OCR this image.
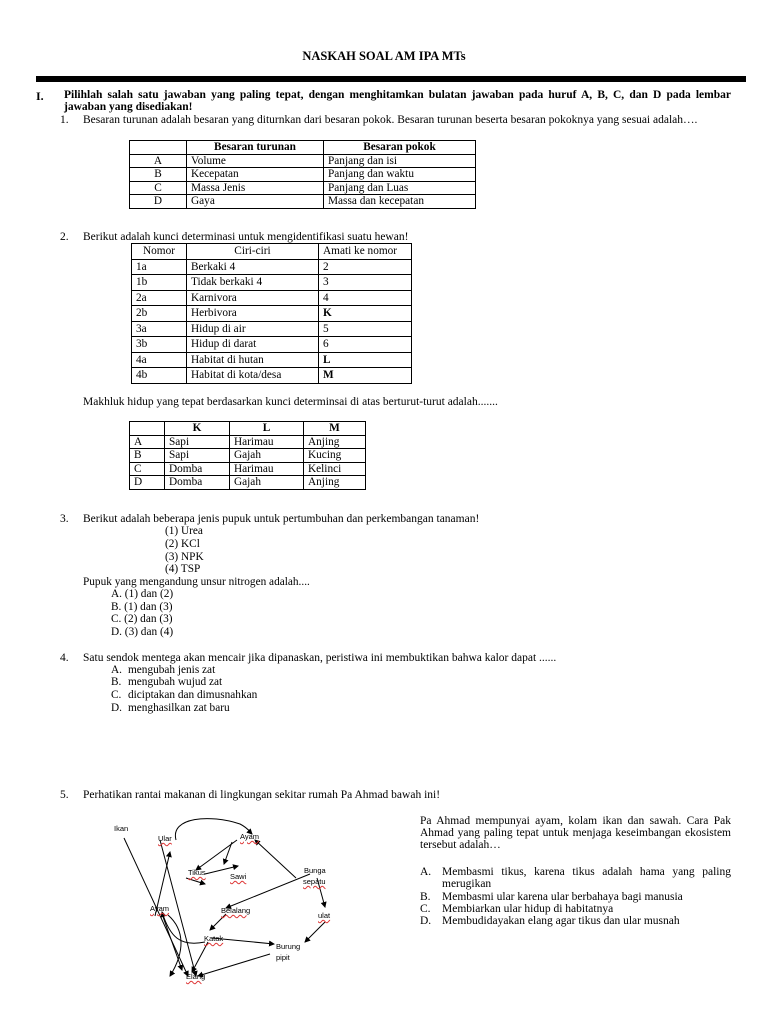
NASKAH SOAL AM IPA MTs
I. Pilihlah salah satu jawaban yang paling tepat, dengan menghitamkan bulatan jawaban pada huruf A, B, C, dan D pada lembar jawaban yang disediakan!
1. Besaran turunan adalah besaran yang diturnkan dari besaran pokok. Besaran turunan beserta besaran pokoknya yang sesuai adalah….
	Besaran turunan	Besaran pokok
A	Volume	Panjang dan isi
B	Kecepatan	Panjang dan waktu
C	Massa Jenis	Panjang dan Luas
D	Gaya	Massa dan kecepatan
2. Berikut adalah kunci determinasi untuk mengidentifikasi suatu hewan!
Nomor	Ciri-ciri	Amati ke nomor
1a	Berkaki 4	2
1b	Tidak berkaki 4	3
2a	Karnivora	4
2b	Herbivora	K
3a	Hidup di air	5
3b	Hidup di darat	6
4a	Habitat di hutan	L
4b	Habitat di kota/desa	M
Makhluk hidup yang tepat berdasarkan kunci determinsai di atas berturut-turut adalah.......
	K	L	M
A	Sapi	Harimau	Anjing
B	Sapi	Gajah	Kucing
C	Domba	Harimau	Kelinci
D	Domba	Gajah	Anjing
3. Berikut adalah beberapa jenis pupuk untuk pertumbuhan dan perkembangan tanaman!
(1) Urea
(2) KCl
(3) NPK
(4) TSP
Pupuk yang mengandung unsur nitrogen adalah....
A. (1) dan (2)
B. (1) dan (3)
C. (2) dan (3)
D. (3) dan (4)
4. Satu sendok mentega akan mencair jika dipanaskan, peristiwa ini membuktikan bahwa kalor dapat ......
A. mengubah jenis zat
B. mengubah wujud zat
C. diciptakan dan dimusnahkan
D. menghasilkan zat baru
5. Perhatikan rantai makanan di lingkungan sekitar rumah Pa Ahmad bawah ini!
Ikan
Ular	Ayam
Tikus	Sawi
Bunga
sepatu
Ayam	Belalang
ulat
Katak
Burung
pipit
Elang
Pa Ahmad mempunyai ayam, kolam ikan dan sawah. Cara Pak Ahmad yang paling tepat untuk menjaga keseimbangan ekosistem tersebut adalah…
A. Membasmi tikus, karena tikus adalah hama yang paling merugikan
B. Membasmi ular karena ular berbahaya bagi manusia
C. Membiarkan ular hidup di habitatnya
D. Membudidayakan elang agar tikus dan ular musnah
